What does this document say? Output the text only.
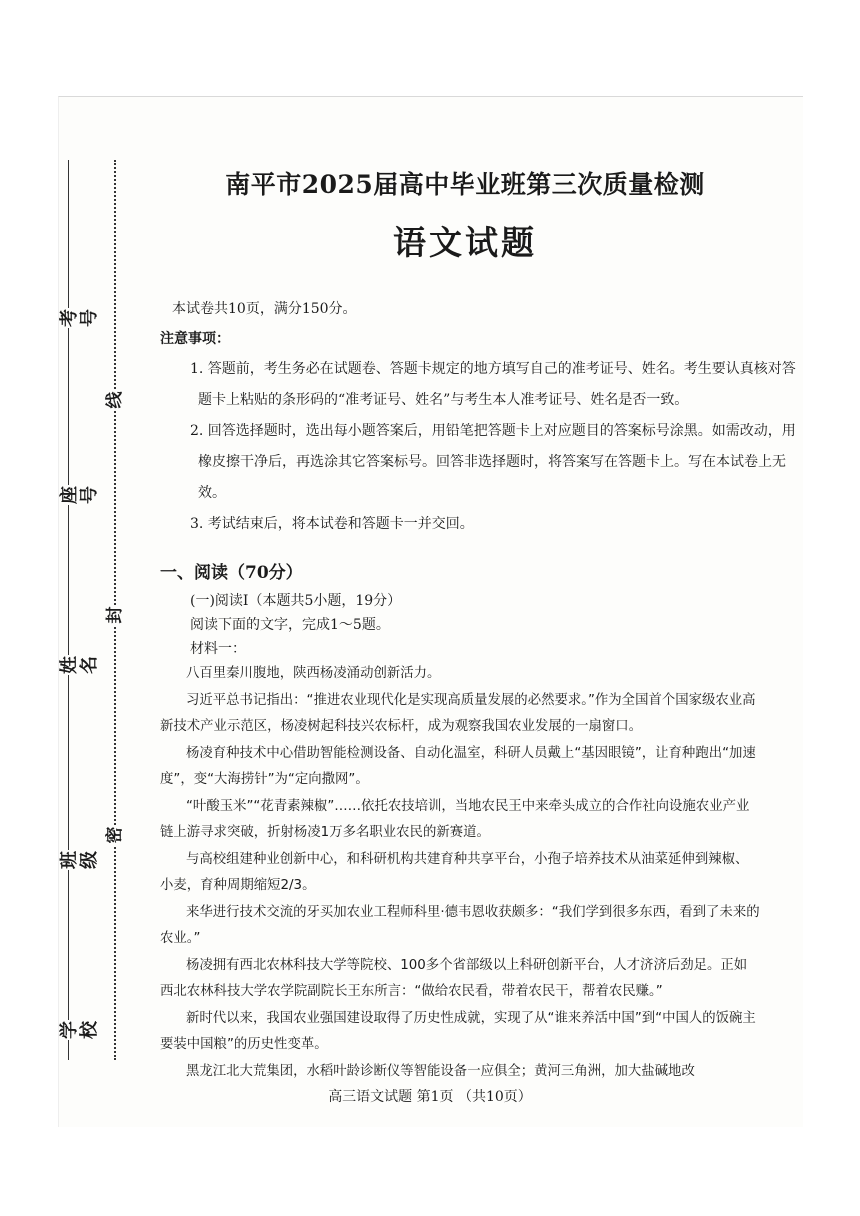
考号
座号
姓名
班级
学校
线
封
密
南平市2025届高中毕业班第三次质量检测
语文试题
本试卷共10页，满分150分。
注意事项：
1. 答题前，考生务必在试题卷、答题卡规定的地方填写自己的准考证号、姓名。考生要认真核对答题卡上粘贴的条形码的“准考证号、姓名”与考生本人准考证号、姓名是否一致。
2. 回答选择题时，选出每小题答案后，用铅笔把答题卡上对应题目的答案标号涂黑。如需改动，用橡皮擦干净后，再选涂其它答案标号。回答非选择题时，将答案写在答题卡上。写在本试卷上无效。
3. 考试结束后，将本试卷和答题卡一并交回。
一、阅读（70分）
(一)阅读Ⅰ（本题共5小题，19分）
阅读下面的文字，完成1～5题。
材料一：

八百里秦川腹地，陕西杨凌涌动创新活力。

习近平总书记指出：“推进农业现代化是实现高质量发展的必然要求。”作为全国首个国家级农业高新技术产业示范区，杨凌树起科技兴农标杆，成为观察我国农业发展的一扇窗口。

杨凌育种技术中心借助智能检测设备、自动化温室，科研人员戴上“基因眼镜”，让育种跑出“加速度”，变“大海捞针”为“定向撒网”。

“叶酸玉米”“花青素辣椒”……依托农技培训，当地农民王中来牵头成立的合作社向设施农业产业链上游寻求突破，折射杨凌1万多名职业农民的新赛道。

与高校组建种业创新中心，和科研机构共建育种共享平台，小孢子培养技术从油菜延伸到辣椒、小麦，育种周期缩短2/3。

来华进行技术交流的牙买加农业工程师科里·德韦恩收获颇多：“我们学到很多东西，看到了未来的农业。”

杨凌拥有西北农林科技大学等院校、100多个省部级以上科研创新平台，人才济济后劲足。正如西北农林科技大学农学院副院长王东所言：“做给农民看，带着农民干，帮着农民赚。”

新时代以来，我国农业强国建设取得了历史性成就，实现了从“谁来养活中国”到“中国人的饭碗主要装中国粮”的历史性变革。

黑龙江北大荒集团，水稻叶龄诊断仪等智能设备一应俱全；黄河三角洲，加大盐碱地改

高三语文试题 第1页 （共10页）
